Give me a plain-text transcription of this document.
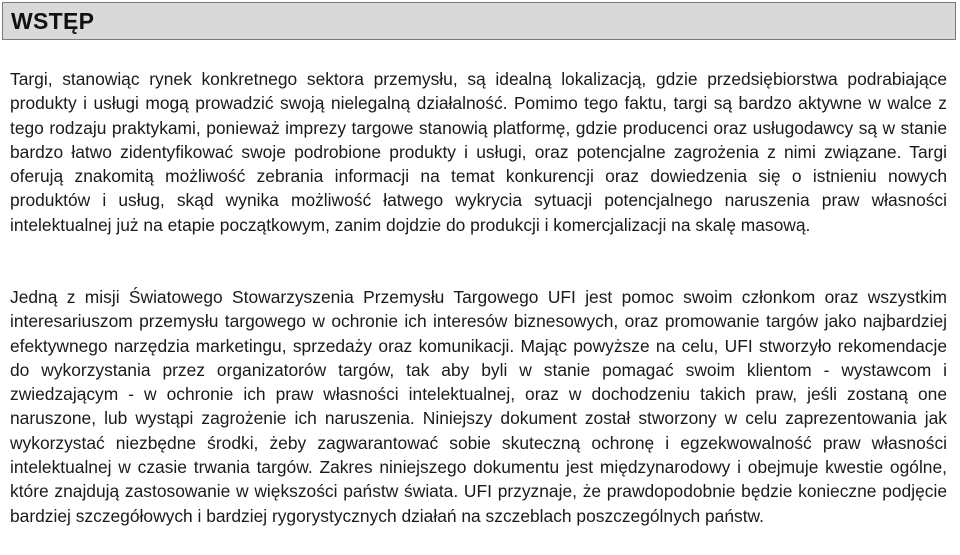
WSTĘP

Targi, stanowiąc rynek konkretnego sektora przemysłu, są idealną lokalizacją, gdzie przedsiębiorstwa podrabiające produkty i usługi mogą prowadzić swoją nielegalną działalność. Pomimo tego faktu, targi są bardzo aktywne w walce z tego rodzaju praktykami, ponieważ imprezy targowe stanowią platformę, gdzie producenci oraz usługodawcy są w stanie bardzo łatwo zidentyfikować swoje podrobione produkty i usługi, oraz potencjalne zagrożenia z nimi związane. Targi oferują znakomitą możliwość zebrania informacji na temat konkurencji oraz dowiedzenia się o istnieniu nowych produktów i usług, skąd wynika możliwość łatwego wykrycia sytuacji potencjalnego naruszenia praw własności intelektualnej już na etapie początkowym, zanim dojdzie do produkcji i komercjalizacji na skalę masową.

Jedną z misji Światowego Stowarzyszenia Przemysłu Targowego UFI jest pomoc swoim członkom oraz wszystkim interesariuszom przemysłu targowego w ochronie ich interesów biznesowych, oraz promowanie targów jako najbardziej efektywnego narzędzia marketingu, sprzedaży oraz komunikacji. Mając powyższe na celu, UFI stworzyło rekomendacje do wykorzystania przez organizatorów targów, tak aby byli w stanie pomagać swoim klientom - wystawcom i zwiedzającym - w ochronie ich praw własności intelektualnej, oraz w dochodzeniu takich praw, jeśli zostaną one naruszone, lub wystąpi zagrożenie ich naruszenia. Niniejszy dokument został stworzony w celu zaprezentowania jak wykorzystać niezbędne środki, żeby zagwarantować sobie skuteczną ochronę i egzekwowalność praw własności intelektualnej w czasie trwania targów. Zakres niniejszego dokumentu jest międzynarodowy i obejmuje kwestie ogólne, które znajdują zastosowanie w większości państw świata. UFI przyznaje, że prawdopodobnie będzie konieczne podjęcie bardziej szczegółowych i bardziej rygorystycznych działań na szczeblach poszczególnych państw.
